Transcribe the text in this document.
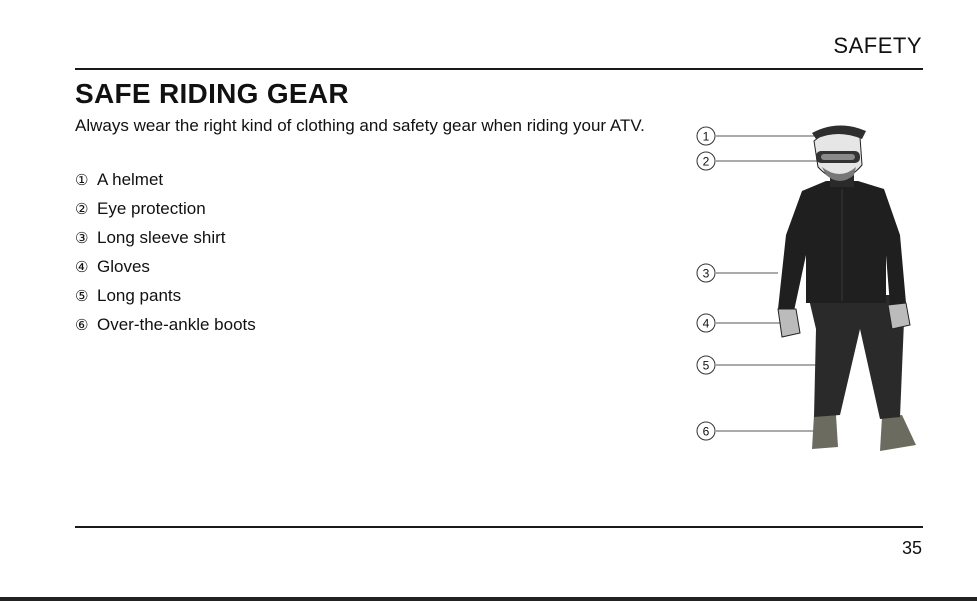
SAFETY
SAFE RIDING GEAR

Always wear the right kind of clothing and safety gear when riding your ATV.

① A helmet
② Eye protection
③ Long sleeve shirt
④ Gloves
⑤ Long pants
⑥ Over-the-ankle boots
1
2
3
4
5
6
35
